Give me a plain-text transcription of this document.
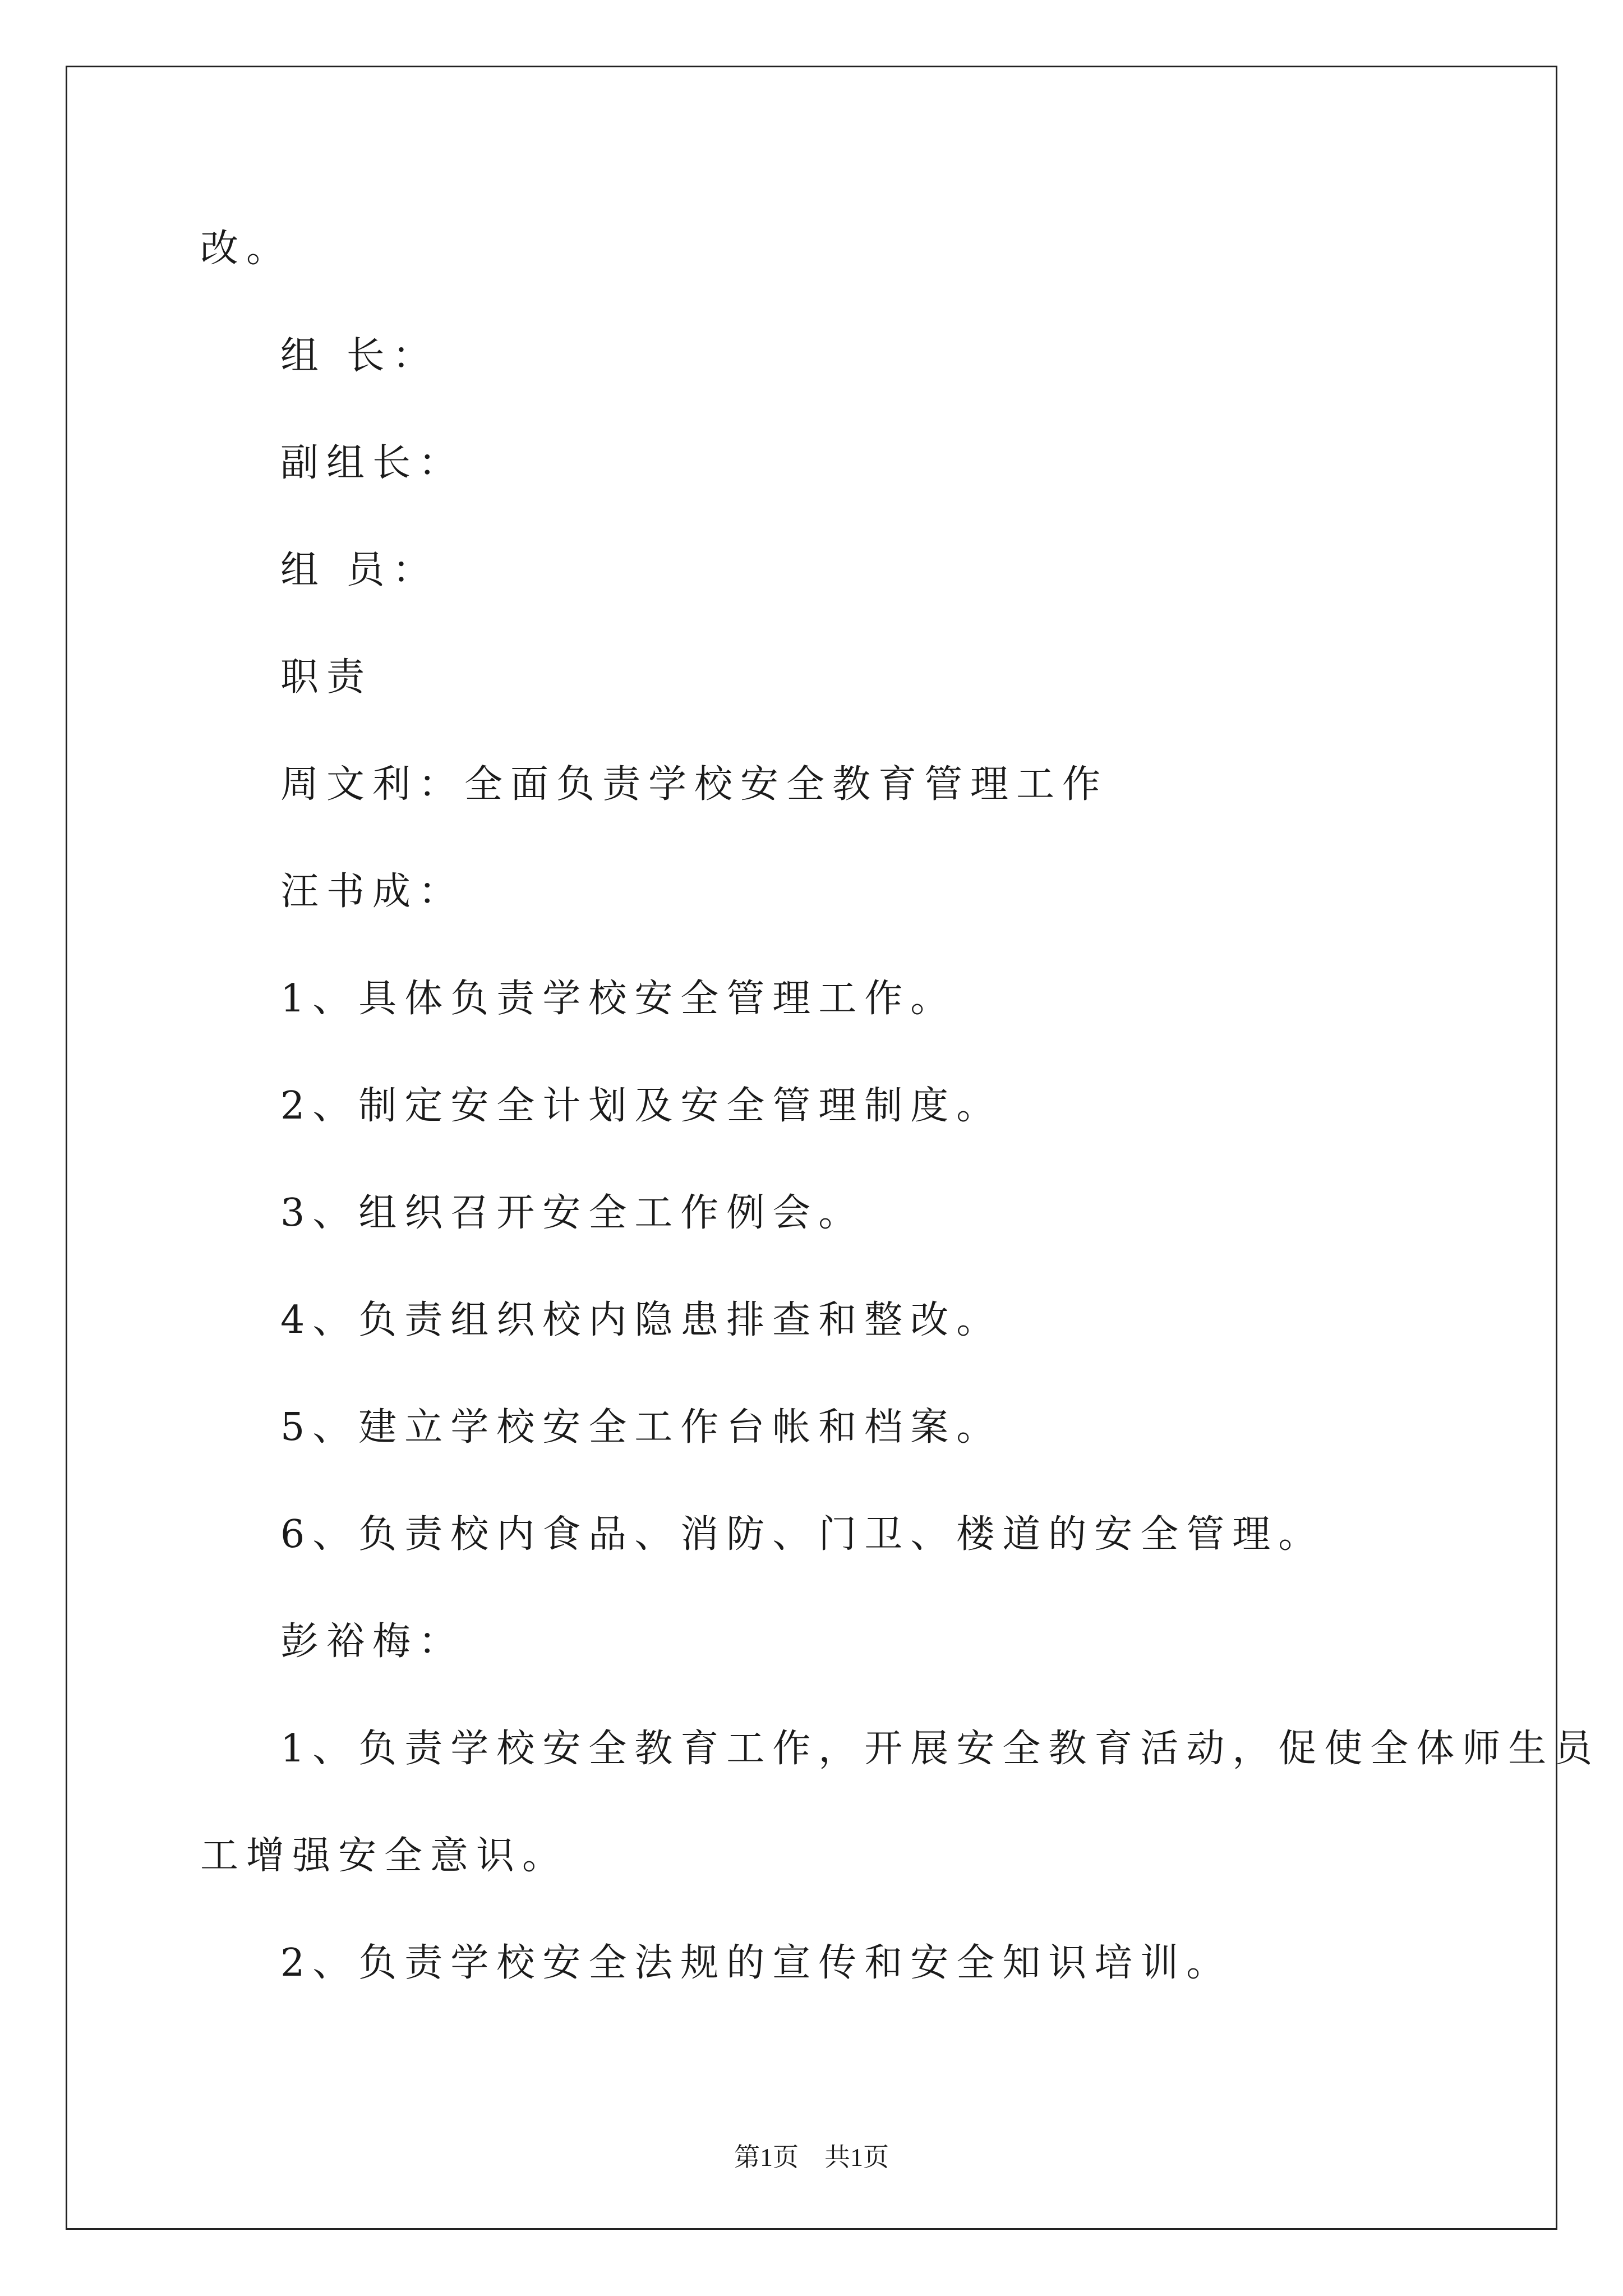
改。
组 长：
副组长：
组 员：
职责
周文利：全面负责学校安全教育管理工作
汪书成：
1、具体负责学校安全管理工作。
2、制定安全计划及安全管理制度。
3、组织召开安全工作例会。
4、负责组织校内隐患排查和整改。
5、建立学校安全工作台帐和档案。
6、负责校内食品、消防、门卫、楼道的安全管理。
彭裕梅：
1、负责学校安全教育工作，开展安全教育活动，促使全体师生员
工增强安全意识。
2、负责学校安全法规的宣传和安全知识培训。
第1页 共1页
